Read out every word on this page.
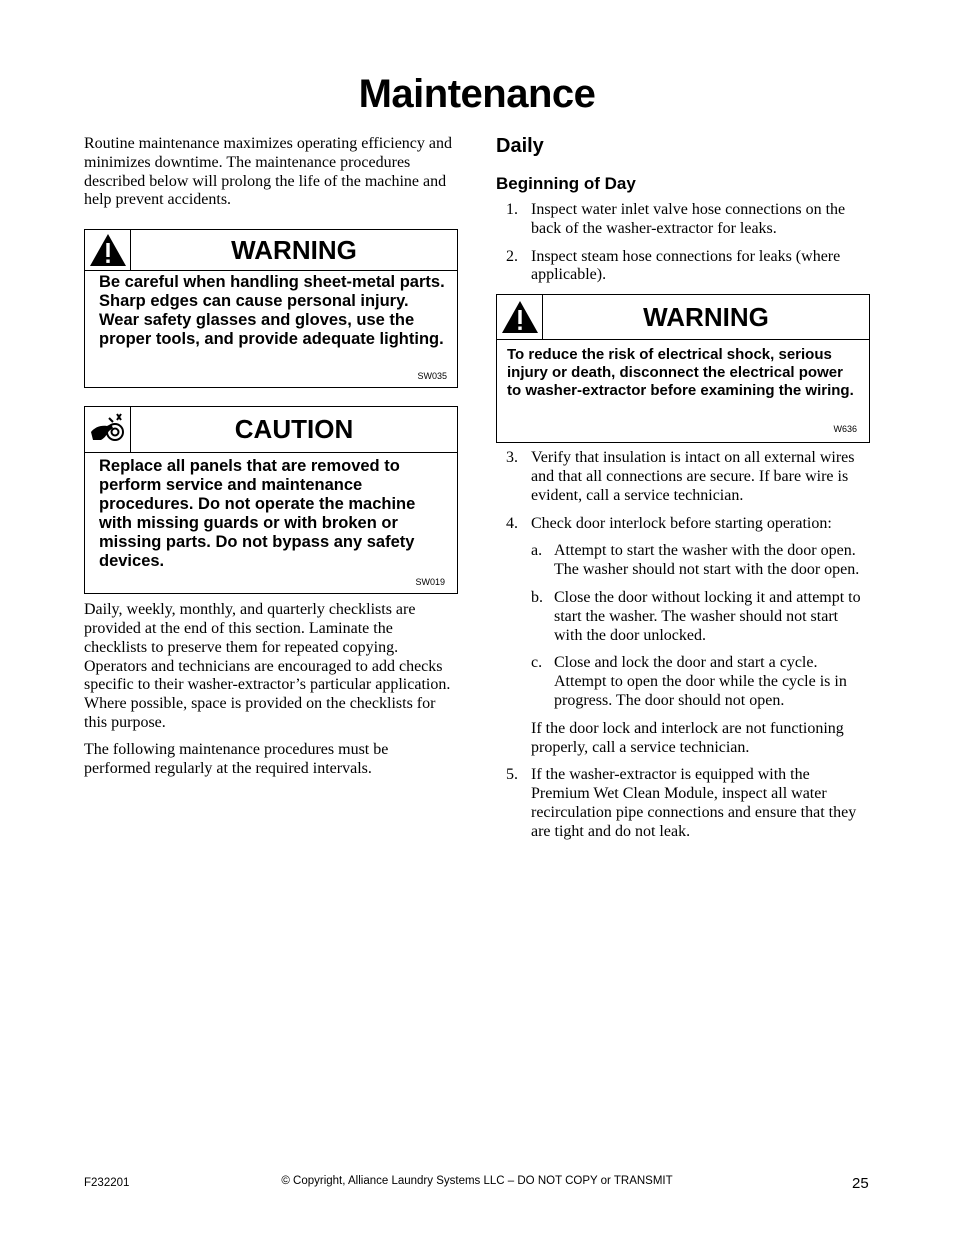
Maintenance

Routine maintenance maximizes operating efficiency and minimizes downtime. The maintenance procedures described below will prolong the life of the machine and help prevent accidents.

WARNING
Be careful when handling sheet-metal parts. Sharp edges can cause personal injury. Wear safety glasses and gloves, use the proper tools, and provide adequate lighting.
SW035
CAUTION
Replace all panels that are removed to perform service and maintenance procedures. Do not operate the machine with missing guards or with broken or missing parts. Do not bypass any safety devices.
SW019

Daily, weekly, monthly, and quarterly checklists are provided at the end of this section. Laminate the checklists to preserve them for repeated copying. Operators and technicians are encouraged to add checks specific to their washer-extractor’s particular application. Where possible, space is provided on the checklists for this purpose.

The following maintenance procedures must be performed regularly at the required intervals.

Daily
Beginning of Day
1. Inspect water inlet valve hose connections on the back of the washer-extractor for leaks.
2. Inspect steam hose connections for leaks (where applicable).
WARNING
To reduce the risk of electrical shock, serious injury or death, disconnect the electrical power to washer-extractor before examining the wiring.
W636
3. Verify that insulation is intact on all external wires and that all connections are secure. If bare wire is evident, call a service technician.
4. Check door interlock before starting operation:
a. Attempt to start the washer with the door open. The washer should not start with the door open.
b. Close the door without locking it and attempt to start the washer. The washer should not start with the door unlocked.
c. Close and lock the door and start a cycle. Attempt to open the door while the cycle is in progress. The door should not open.
If the door lock and interlock are not functioning properly, call a service technician.
5. If the washer-extractor is equipped with the Premium Wet Clean Module, inspect all water recirculation pipe connections and ensure that they are tight and do not leak.
F232201	© Copyright, Alliance Laundry Systems LLC – DO NOT COPY or TRANSMIT	25
